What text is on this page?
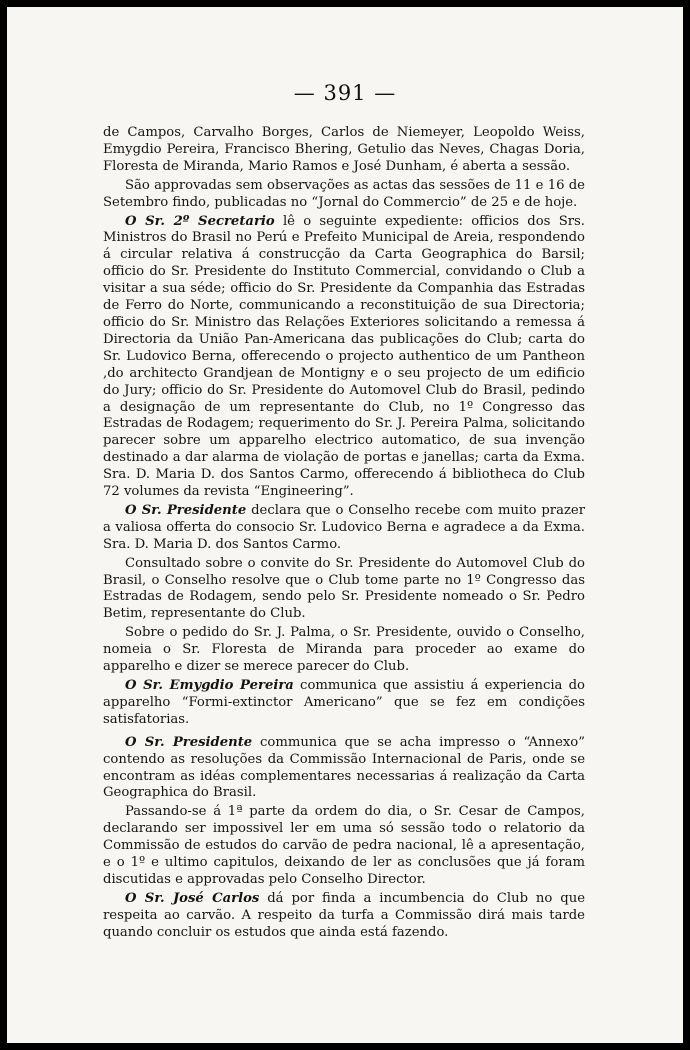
— 391 —

de Campos, Carvalho Borges, Carlos de Niemeyer, Leopoldo Weiss, Emygdio Pereira, Francisco Bhering, Getulio das Neves, Chagas Doria, Floresta de Miranda, Mario Ramos e José Dunham, é aberta a sessão.

São approvadas sem observações as actas das sessões de 11 e 16 de Setembro findo, publicadas no “Jornal do Commercio” de 25 e de hoje.

O Sr. 2º Secretario lê o seguinte expediente: officios dos Srs. Ministros do Brasil no Perú e Prefeito Municipal de Areia, respondendo á circular relativa á construcção da Carta Geographica do Barsil; officio do Sr. Presidente do Instituto Commercial, convidando o Club a visitar a sua séde; officio do Sr. Presidente da Companhia das Estradas de Ferro do Norte, communicando a reconstituição de sua Directoria; officio do Sr. Ministro das Relações Exteriores solicitando a remessa á Directoria da União Pan-Americana das publicações do Club; carta do Sr. Ludovico Berna, offerecendo o projecto authentico de um Pantheon ,do architecto Grandjean de Montigny e o seu projecto de um edificio do Jury; officio do Sr. Presidente do Automovel Club do Brasil, pedindo a designação de um representante do Club, no 1º Congresso das Estradas de Rodagem; requerimento do Sr. J. Pereira Palma, solicitando parecer sobre um apparelho electrico automatico, de sua invenção destinado a dar alarma de violação de portas e janellas; carta da Exma. Sra. D. Maria D. dos Santos Carmo, offerecendo á bibliotheca do Club 72 volumes da revista “Engineering”.

O Sr. Presidente declara que o Conselho recebe com muito prazer a valiosa offerta do consocio Sr. Ludovico Berna e agradece a da Exma. Sra. D. Maria D. dos Santos Carmo.

Consultado sobre o convite do Sr. Presidente do Automovel Club do Brasil, o Conselho resolve que o Club tome parte no 1º Congresso das Estradas de Rodagem, sendo pelo Sr. Presidente nomeado o Sr. Pedro Betim, representante do Club.

Sobre o pedido do Sr. J. Palma, o Sr. Presidente, ouvido o Conselho, nomeia o Sr. Floresta de Miranda para proceder ao exame do apparelho e dizer se merece parecer do Club.

O Sr. Emygdio Pereira communica que assistiu á experiencia do apparelho “Formi-extinctor Americano” que se fez em condições satisfatorias.

O Sr. Presidente communica que se acha impresso o “Annexo” contendo as resoluções da Commissão Internacional de Paris, onde se encontram as idéas complementares necessarias á realização da Carta Geographica do Brasil.

Passando-se á 1ª parte da ordem do dia, o Sr. Cesar de Campos, declarando ser impossivel ler em uma só sessão todo o relatorio da Commissão de estudos do carvão de pedra nacional, lê a apresentação, e o 1º e ultimo capitulos, deixando de ler as conclusões que já foram discutidas e approvadas pelo Conselho Director.

O Sr. José Carlos dá por finda a incumbencia do Club no que respeita ao carvão. A respeito da turfa a Commissão dirá mais tarde quando concluir os estudos que ainda está fazendo.
